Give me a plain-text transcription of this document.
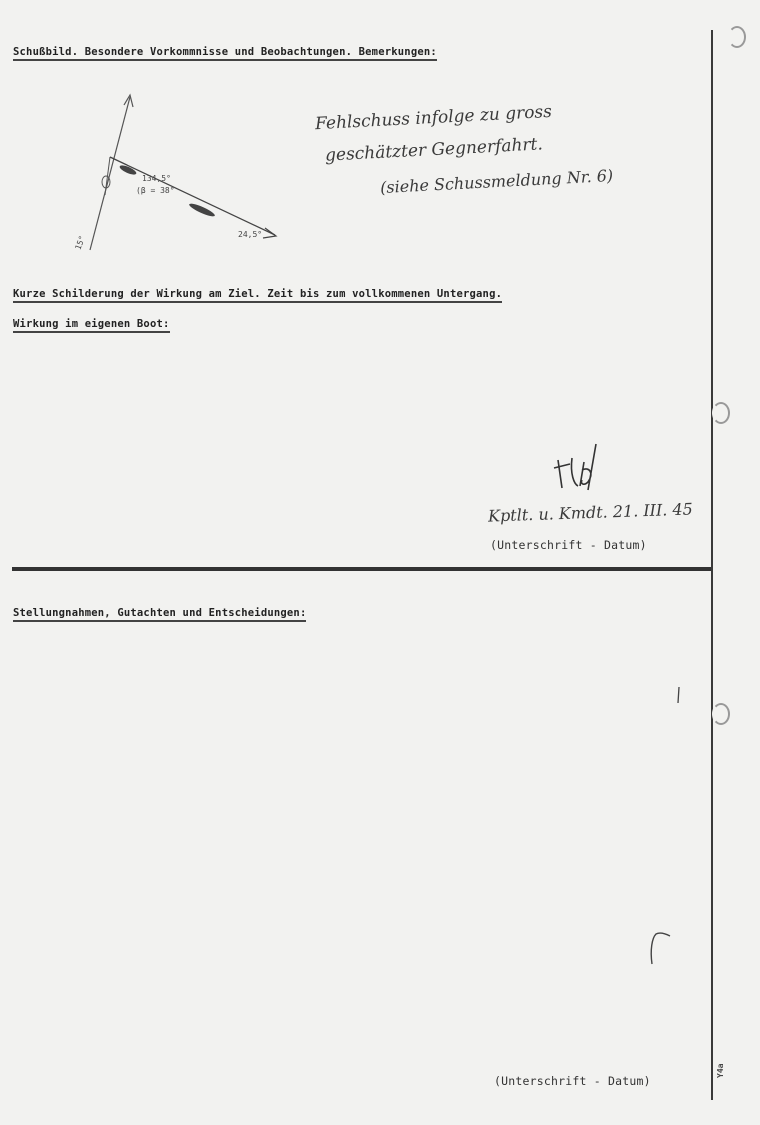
Schußbild. Besondere Vorkommnisse und Beobachtungen. Bemerkungen:
134,5°
(β = 38°
15°	24,5°
Fehlschuss infolge zu gross
geschätzter Gegnerfahrt.
(siehe Schussmeldung Nr. 6)
Kurze Schilderung der Wirkung am Ziel. Zeit bis zum vollkommenen Untergang.
Wirkung im eigenen Boot:
Kptlt. u. Kmdt. 21. III. 45
(Unterschrift - Datum)
Stellungnahmen, Gutachten und Entscheidungen:
(Unterschrift - Datum)
Y4a
